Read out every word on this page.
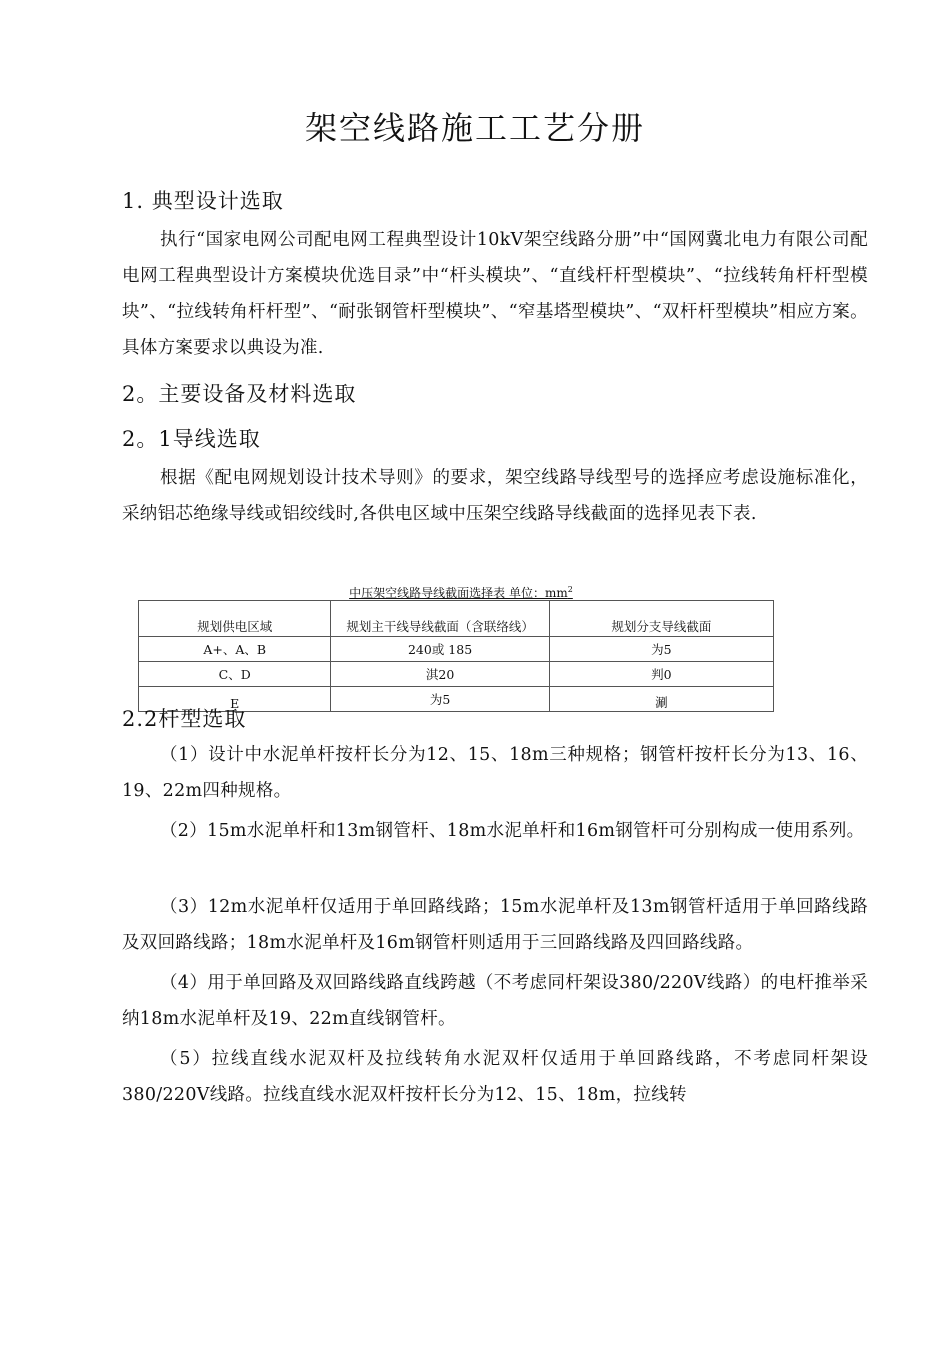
架空线路施工工艺分册
1. 典型设计选取
执行“国家电网公司配电网工程典型设计10kV架空线路分册”中“国网冀北电力有限公司配电网工程典型设计方案模块优选目录”中“杆头模块”、“直线杆杆型模块”、“拉线转角杆杆型模块”、“拉线转角杆杆型”、“耐张钢管杆型模块”、“窄基塔型模块”、“双杆杆型模块”相应方案。具体方案要求以典设为准.
2。主要设备及材料选取
2。1导线选取
根据《配电网规划设计技术导则》的要求，架空线路导线型号的选择应考虑设施标准化，采纳铝芯绝缘导线或铝绞线时,各供电区域中压架空线路导线截面的选择见表下表.
中压架空线路导线截面选择表 单位：$mm^2$
规划供电区域	规划主干线导线截面（含联络线）	规划分支导线截面
A+、A、B	240或 185	为5
C、D	淇20	判0
E	为5	涮
2.2杆型选取
（1）设计中水泥单杆按杆长分为12、15、18m三种规格；钢管杆按杆长分为13、16、19、22m四种规格。
（2）15m水泥单杆和13m钢管杆、18m水泥单杆和16m钢管杆可分别构成一使用系列。
（3）12m水泥单杆仅适用于单回路线路；15m水泥单杆及13m钢管杆适用于单回路线路及双回路线路；18m水泥单杆及16m钢管杆则适用于三回路线路及四回路线路。
（4）用于单回路及双回路线路直线跨越（不考虑同杆架设380/220V线路）的电杆推举采纳18m水泥单杆及19、22m直线钢管杆。
（5）拉线直线水泥双杆及拉线转角水泥双杆仅适用于单回路线路，不考虑同杆架设380/220V线路。拉线直线水泥双杆按杆长分为12、15、18m，拉线转
